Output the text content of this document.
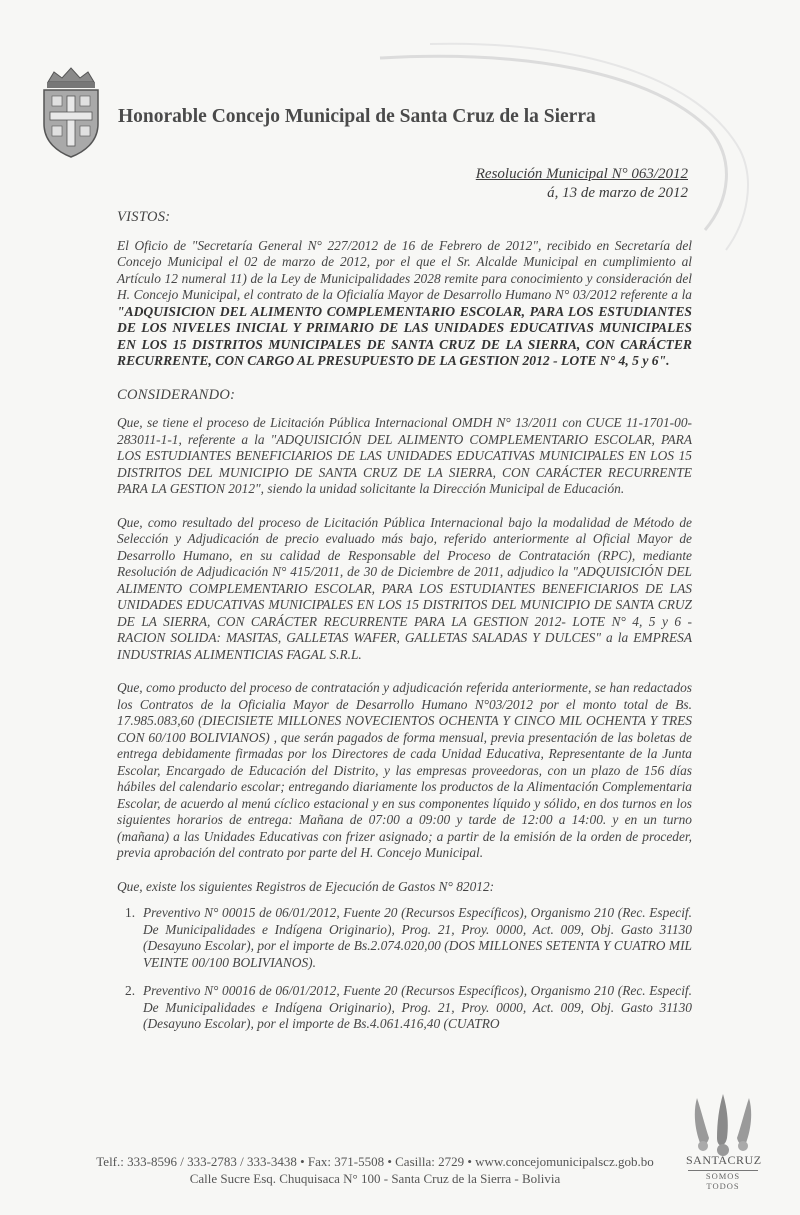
Honorable Concejo Municipal de Santa Cruz de la Sierra
Resolución Municipal N° 063/2012
á, 13 de marzo de 2012
VISTOS:

El Oficio de "Secretaría General N° 227/2012 de 16 de Febrero de 2012", recibido en Secretaría del Concejo Municipal el 02 de marzo de 2012, por el que el Sr. Alcalde Municipal en cumplimiento al Artículo 12 numeral 11) de la Ley de Municipalidades 2028 remite para conocimiento y consideración del H. Concejo Municipal, el contrato de la Oficialía Mayor de Desarrollo Humano N° 03/2012 referente a la "ADQUISICION DEL ALIMENTO COMPLEMENTARIO ESCOLAR, PARA LOS ESTUDIANTES DE LOS NIVELES INICIAL Y PRIMARIO DE LAS UNIDADES EDUCATIVAS MUNICIPALES EN LOS 15 DISTRITOS MUNICIPALES DE SANTA CRUZ DE LA SIERRA, CON CARÁCTER RECURRENTE, CON CARGO AL PRESUPUESTO DE LA GESTION 2012 - LOTE N° 4, 5 y 6".

CONSIDERANDO:

Que, se tiene el proceso de Licitación Pública Internacional OMDH N° 13/2011 con CUCE 11-1701-00-283011-1-1, referente a la "ADQUISICIÓN DEL ALIMENTO COMPLEMENTARIO ESCOLAR, PARA LOS ESTUDIANTES BENEFICIARIOS DE LAS UNIDADES EDUCATIVAS MUNICIPALES EN LOS 15 DISTRITOS DEL MUNICIPIO DE SANTA CRUZ DE LA SIERRA, CON CARÁCTER RECURRENTE PARA LA GESTION 2012", siendo la unidad solicitante la Dirección Municipal de Educación.

Que, como resultado del proceso de Licitación Pública Internacional bajo la modalidad de Método de Selección y Adjudicación de precio evaluado más bajo, referido anteriormente al Oficial Mayor de Desarrollo Humano, en su calidad de Responsable del Proceso de Contratación (RPC), mediante Resolución de Adjudicación N° 415/2011, de 30 de Diciembre de 2011, adjudico la "ADQUISICIÓN DEL ALIMENTO COMPLEMENTARIO ESCOLAR, PARA LOS ESTUDIANTES BENEFICIARIOS DE LAS UNIDADES EDUCATIVAS MUNICIPALES EN LOS 15 DISTRITOS DEL MUNICIPIO DE SANTA CRUZ DE LA SIERRA, CON CARÁCTER RECURRENTE PARA LA GESTION 2012- LOTE N° 4, 5 y 6 - RACION SOLIDA: MASITAS, GALLETAS WAFER, GALLETAS SALADAS Y DULCES" a la EMPRESA INDUSTRIAS ALIMENTICIAS FAGAL S.R.L.

Que, como producto del proceso de contratación y adjudicación referida anteriormente, se han redactados los Contratos de la Oficialia Mayor de Desarrollo Humano N°03/2012 por el monto total de Bs. 17.985.083,60 (DIECISIETE MILLONES NOVECIENTOS OCHENTA Y CINCO MIL OCHENTA Y TRES CON 60/100 BOLIVIANOS) , que serán pagados de forma mensual, previa presentación de las boletas de entrega debidamente firmadas por los Directores de cada Unidad Educativa, Representante de la Junta Escolar, Encargado de Educación del Distrito, y las empresas proveedoras, con un plazo de 156 días hábiles del calendario escolar; entregando diariamente los productos de la Alimentación Complementaria Escolar, de acuerdo al menú cíclico estacional y en sus componentes líquido y sólido, en dos turnos en los siguientes horarios de entrega: Mañana de 07:00 a 09:00 y tarde de 12:00 a 14:00. y en un turno (mañana) a las Unidades Educativas con frizer asignado; a partir de la emisión de la orden de proceder, previa aprobación del contrato por parte del H. Concejo Municipal.

Que, existe los siguientes Registros de Ejecución de Gastos N° 82012:

1. Preventivo N° 00015 de 06/01/2012, Fuente 20 (Recursos Específicos), Organismo 210 (Rec. Especif. De Municipalidades e Indígena Originario), Prog. 21, Proy. 0000, Act. 009, Obj. Gasto 31130 (Desayuno Escolar), por el importe de Bs.2.074.020,00 (DOS MILLONES SETENTA Y CUATRO MIL VEINTE 00/100 BOLIVIANOS).
2. Preventivo N° 00016 de 06/01/2012, Fuente 20 (Recursos Específicos), Organismo 210 (Rec. Especif. De Municipalidades e Indígena Originario), Prog. 21, Proy. 0000, Act. 009, Obj. Gasto 31130 (Desayuno Escolar), por el importe de Bs.4.061.416,40 (CUATRO
Telf.: 333-8596 / 333-2783 / 333-3438 • Fax: 371-5508 • Casilla: 2729 • www.concejomunicipalscz.gob.bo
Calle Sucre Esq. Chuquisaca N° 100 - Santa Cruz de la Sierra - Bolivia
SANTACRUZ
SOMOS TODOS
